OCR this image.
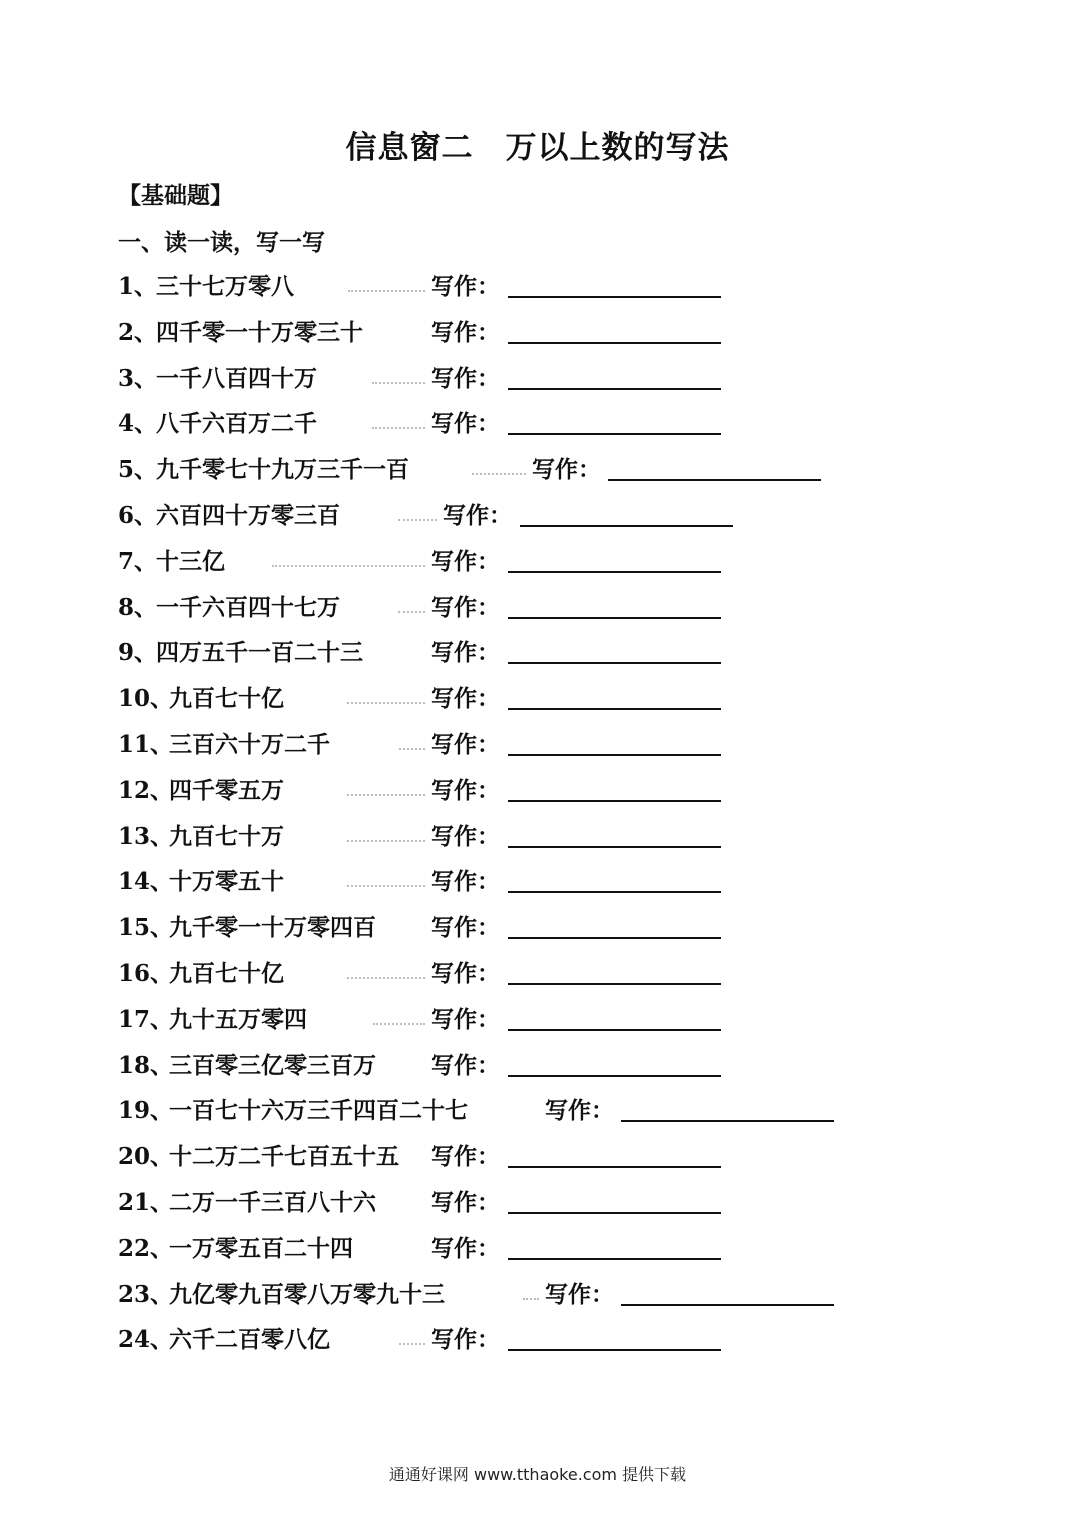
信息窗二　万以上数的写法
【基础题】
一、读一读，写一写
1、
三十七万零八	写作：
2、
四千零一十万零三十	写作：
3、
一千八百四十万	写作：
4、
八千六百万二千	写作：
5、
九千零七十九万三千一百	写作：
6、
六百四十万零三百	写作：
7、
十三亿	写作：
8、
一千六百四十七万	写作：
9、
四万五千一百二十三	写作：
10、
九百七十亿	写作：
11、
三百六十万二千	写作：
12、
四千零五万	写作：
13、
九百七十万	写作：
14、
十万零五十	写作：
15、
九千零一十万零四百 写作：
16、
九百七十亿	写作：
17、
九十五万零四	写作：
18、
三百零三亿零三百万 写作：
19、
一百七十六万三千四百二十七	写作：
20、
十二万二千七百五十五 写作：
21、
二万一千三百八十六 写作：
22、
一万零五百二十四	写作：
23、
九亿零九百零八万零九十三	写作：
24、
六千二百零八亿	写作：
通通好课网 www.tthaoke.com 提供下载
